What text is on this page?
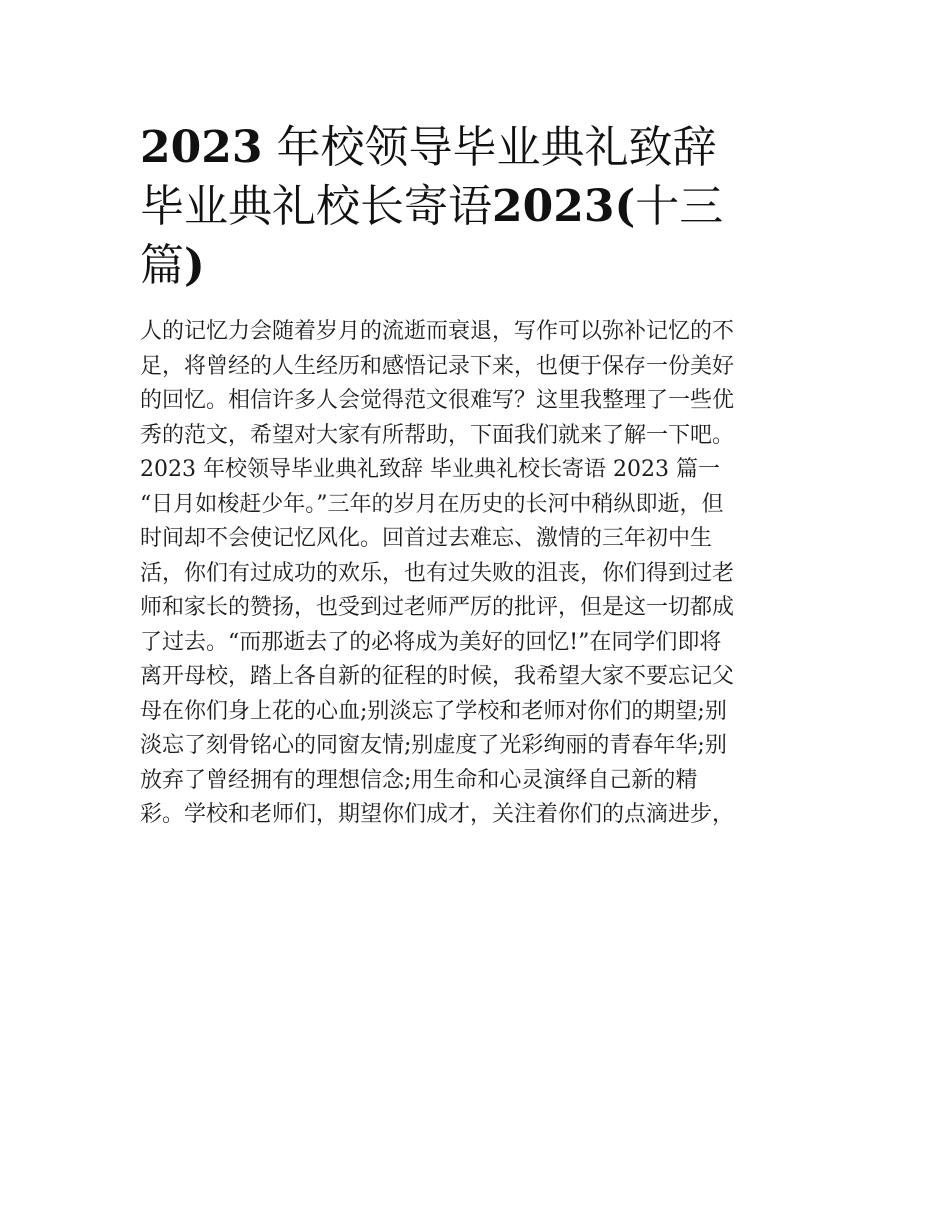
2023 年校领导毕业典礼致辞
毕业典礼校长寄语2023(十三
篇)
人的记忆力会随着岁月的流逝而衰退，写作可以弥补记忆的不
足，将曾经的人生经历和感悟记录下来，也便于保存一份美好
的回忆。相信许多人会觉得范文很难写？这里我整理了一些优
秀的范文，希望对大家有所帮助，下面我们就来了解一下吧。
2023 年校领导毕业典礼致辞 毕业典礼校长寄语 2023 篇一
“日月如梭赶少年。”三年的岁月在历史的长河中稍纵即逝，但
时间却不会使记忆风化。回首过去难忘、激情的三年初中生
活，你们有过成功的欢乐，也有过失败的沮丧，你们得到过老
师和家长的赞扬，也受到过老师严厉的批评，但是这一切都成
了过去。“而那逝去了的必将成为美好的回忆!”在同学们即将
离开母校，踏上各自新的征程的时候，我希望大家不要忘记父
母在你们身上花的心血;别淡忘了学校和老师对你们的期望;别
淡忘了刻骨铭心的同窗友情;别虚度了光彩绚丽的青春年华;别
放弃了曾经拥有的理想信念;用生命和心灵演绎自己新的精
彩。学校和老师们，期望你们成才，关注着你们的点滴进步，
